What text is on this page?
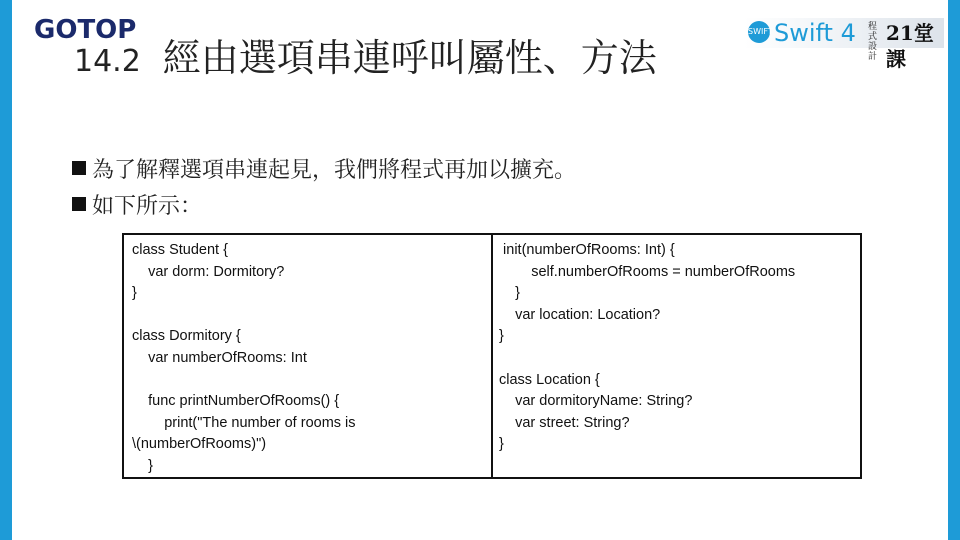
GOTOP	SWIFT Swift 4 程式設計
21堂課
14.2 經由選項串連呼叫屬性、方法
為了解釋選項串連起見，我們將程式再加以擴充。
如下所示：
class Student {
var dorm: Dormitory?
}
class Dormitory {
var numberOfRooms: Int
func printNumberOfRooms() {
print("The number of rooms is
\(numberOfRooms)")
}
init(numberOfRooms: Int) {
self.numberOfRooms = numberOfRooms
}
var location: Location?
}
class Location {
var dormitoryName: String?
var street: String?
}
